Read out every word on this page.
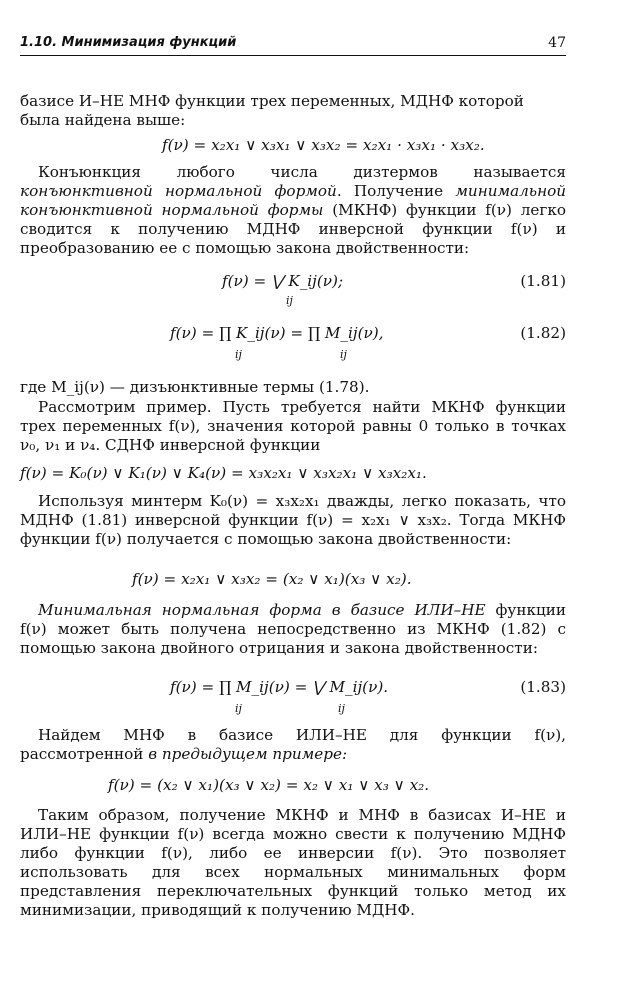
1.10. Минимизация функций	47
базисе И–НЕ МНФ функции трех переменных, МДНФ которой
была найдена выше:
f(ν) = x₂x₁ ∨ x₃x₁ ∨ x₃x₂ = x₂x₁ · x₃x₁ · x₃x₂.
Конъюнкция любого числа дизтермов называется конъюнктивной нормальной формой. Получение минимальной конъюнктивной нормальной формы (МКНФ) функции f(ν) легко сводится к получению МДНФ инверсной функции f(ν) и преобразованию ее с помощью закона двойственности:
f(ν) = ⋁ K_ij(ν);
ij
(1.81)
f(ν) = ∏ K_ij(ν) = ∏ M_ij(ν),
ij	ij
(1.82)
где M_ij(ν) — дизъюнктивные термы (1.78).
Рассмотрим пример. Пусть требуется найти МКНФ функции трех переменных f(ν), значения которой равны 0 только в точках ν₀, ν₁ и ν₄. СДНФ инверсной функции
f(ν) = K₀(ν) ∨ K₁(ν) ∨ K₄(ν) = x₃x₂x₁ ∨ x₃x₂x₁ ∨ x₃x₂x₁.
Используя минтерм K₀(ν) = x₃x₂x₁ дважды, легко показать, что МДНФ (1.81) инверсной функции f(ν) = x₂x₁ ∨ x₃x₂. Тогда МКНФ функции f(ν) получается с помощью закона двойственности:
f(ν) = x₂x₁ ∨ x₃x₂ = (x₂ ∨ x₁)(x₃ ∨ x₂).
Минимальная нормальная форма в базисе ИЛИ–НЕ функции f(ν) может быть получена непосредственно из МКНФ (1.82) с помощью закона двойного отрицания и закона двойственности:
f(ν) = ∏ M_ij(ν) = ⋁ M_ij(ν).
ij	ij
(1.83)
Найдем МНФ в базисе ИЛИ–НЕ для функции f(ν), рассмотренной в предыдущем примере:
f(ν) = (x₂ ∨ x₁)(x₃ ∨ x₂) = x₂ ∨ x₁ ∨ x₃ ∨ x₂.
Таким образом, получение МКНФ и МНФ в базисах И–НЕ и ИЛИ–НЕ функции f(ν) всегда можно свести к получению МДНФ либо функции f(ν), либо ее инверсии f(ν). Это позволяет использовать для всех нормальных минимальных форм представления переключательных функций только метод их минимизации, приводящий к получению МДНФ.
